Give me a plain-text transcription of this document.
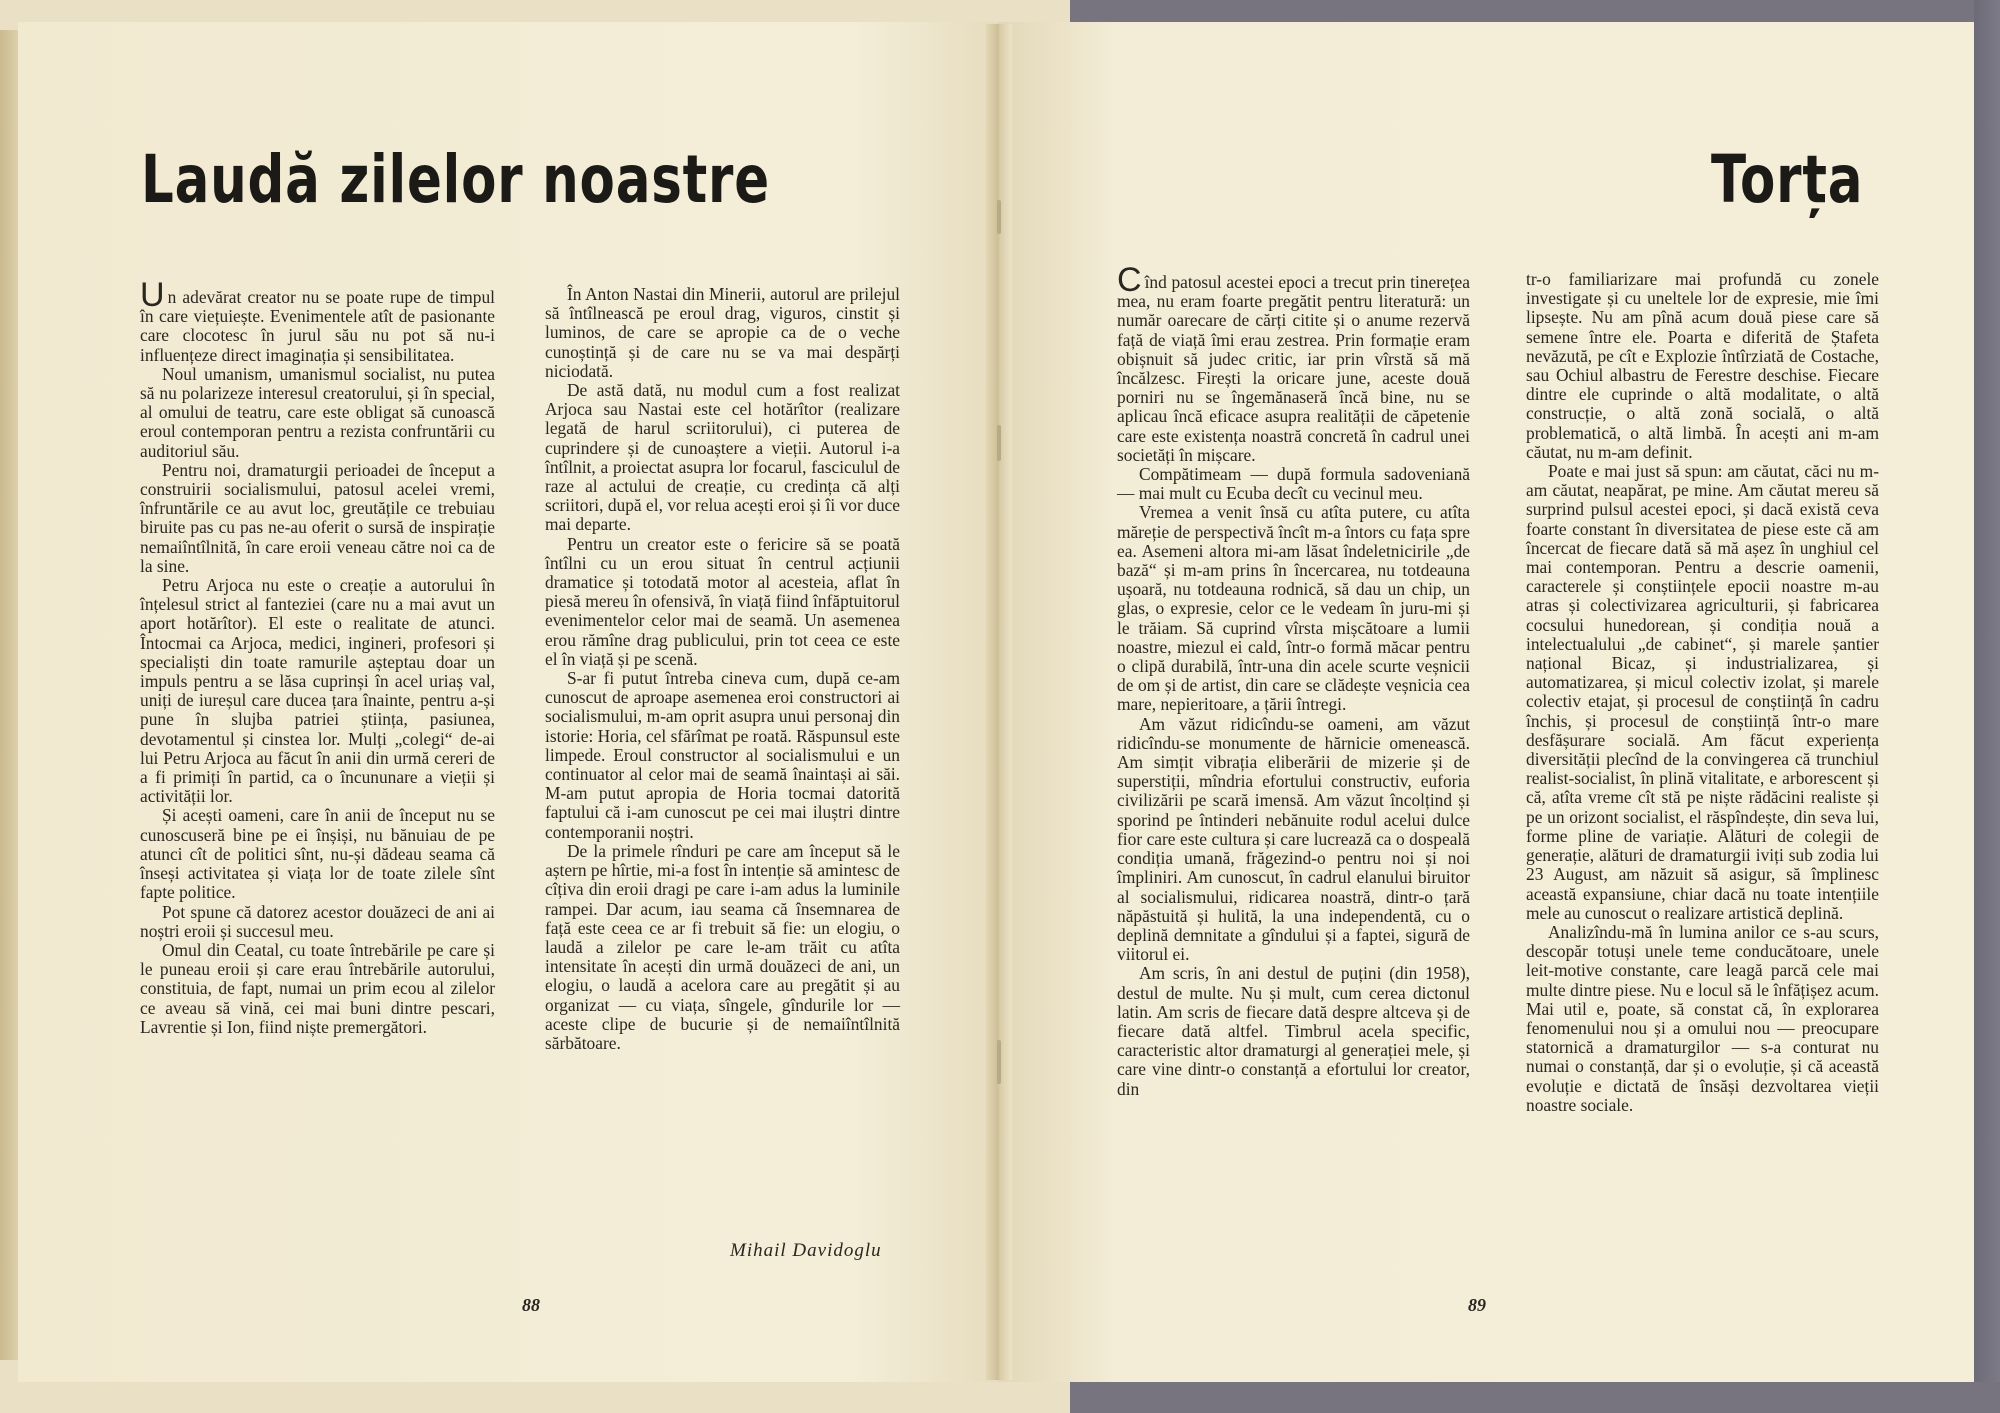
Laudă zilelor noastre

Un adevărat creator nu se poate rupe de timpul în care viețuiește. Evenimentele atît de pasionante care clocotesc în jurul său nu pot să nu-i influențeze direct imaginația și sensibilitatea.

Noul umanism, umanismul socialist, nu putea să nu polarizeze interesul creatorului, și în special, al omului de teatru, care este obligat să cunoască eroul contemporan pentru a rezista confruntării cu auditoriul său.

Pentru noi, dramaturgii perioadei de început a construirii socialismului, patosul acelei vremi, înfruntările ce au avut loc, greutățile ce trebuiau biruite pas cu pas ne-au oferit o sursă de inspirație nemaiîntîlnită, în care eroii veneau către noi ca de la sine.

Petru Arjoca nu este o creație a autorului în înțelesul strict al fanteziei (care nu a mai avut un aport hotărîtor). El este o realitate de atunci. Întocmai ca Arjoca, medici, ingineri, profesori și specialiști din toate ramurile așteptau doar un impuls pentru a se lăsa cuprinși în acel uriaș val, uniți de iureșul care ducea țara înainte, pentru a-și pune în slujba patriei știința, pasiunea, devotamentul și cinstea lor. Mulți „colegi“ de-ai lui Petru Arjoca au făcut în anii din urmă cereri de a fi primiți în partid, ca o încununare a vieții și activității lor.

Și acești oameni, care în anii de început nu se cunoscuseră bine pe ei înșiși, nu bănuiau de pe atunci cît de politici sînt, nu-și dădeau seama că înseși activitatea și viața lor de toate zilele sînt fapte politice.

Pot spune că datorez acestor douăzeci de ani ai noștri eroii și succesul meu.

Omul din Ceatal, cu toate întrebările pe care și le puneau eroii și care erau întrebările autorului, constituia, de fapt, numai un prim ecou al zilelor ce aveau să vină, cei mai buni dintre pescari, Lavrentie și Ion, fiind niște premergători.

În Anton Nastai din Minerii, autorul are prilejul să întîlnească pe eroul drag, viguros, cinstit și luminos, de care se apropie ca de o veche cunoștință și de care nu se va mai despărți niciodată.

De astă dată, nu modul cum a fost realizat Arjoca sau Nastai este cel hotărîtor (realizare legată de harul scriitorului), ci puterea de cuprindere și de cunoaștere a vieții. Autorul i-a întîlnit, a proiectat asupra lor focarul, fasciculul de raze al actului de creație, cu credința că alți scriitori, după el, vor relua acești eroi și îi vor duce mai departe.

Pentru un creator este o fericire să se poată întîlni cu un erou situat în centrul acțiunii dramatice și totodată motor al acesteia, aflat în piesă mereu în ofensivă, în viață fiind înfăptuitorul evenimentelor celor mai de seamă. Un asemenea erou rămîne drag publicului, prin tot ceea ce este el în viață și pe scenă.

S-ar fi putut întreba cineva cum, după ce-am cunoscut de aproape asemenea eroi constructori ai socialismului, m-am oprit asupra unui personaj din istorie: Horia, cel sfărîmat pe roată. Răspunsul este limpede. Eroul constructor al socialismului e un continuator al celor mai de seamă înaintași ai săi. M-am putut apropia de Horia tocmai datorită faptului că i-am cunoscut pe cei mai iluștri dintre contemporanii noștri.

De la primele rînduri pe care am început să le aștern pe hîrtie, mi-a fost în intenție să amintesc de cîțiva din eroii dragi pe care i-am adus la luminile rampei. Dar acum, iau seama că însemnarea de față este ceea ce ar fi trebuit să fie: un elogiu, o laudă a zilelor pe care le-am trăit cu atîta intensitate în acești din urmă douăzeci de ani, un elogiu, o laudă a acelora care au pregătit și au organizat — cu viața, sîngele, gîndurile lor — aceste clipe de bucurie și de nemaiîntîlnită sărbătoare.

Mihail Davidoglu
88
Torța

Cînd patosul acestei epoci a trecut prin tinerețea mea, nu eram foarte pregătit pentru literatură: un număr oarecare de cărți citite și o anume rezervă față de viață îmi erau zestrea. Prin formație eram obișnuit să judec critic, iar prin vîrstă să mă încălzesc. Firești la oricare june, aceste două porniri nu se îngemănaseră încă bine, nu se aplicau încă eficace asupra realității de căpetenie care este existența noastră concretă în cadrul unei societăți în mișcare.

Compătimeam — după formula sadoveniană — mai mult cu Ecuba decît cu vecinul meu.

Vremea a venit însă cu atîta putere, cu atîta măreție de perspectivă încît m-a întors cu fața spre ea. Asemeni altora mi-am lăsat îndeletnicirile „de bază“ și m-am prins în încercarea, nu totdeauna ușoară, nu totdeauna rodnică, să dau un chip, un glas, o expresie, celor ce le vedeam în juru-mi și le trăiam. Să cuprind vîrsta mișcătoare a lumii noastre, miezul ei cald, într-o formă măcar pentru o clipă durabilă, într-una din acele scurte veșnicii de om și de artist, din care se clădește veșnicia cea mare, nepieritoare, a țării întregi.

Am văzut ridicîndu-se oameni, am văzut ridicîndu-se monumente de hărnicie omenească. Am simțit vibrația eliberării de mizerie și de superstiții, mîndria efortului constructiv, euforia civilizării pe scară imensă. Am văzut încolțind și sporind pe întinderi nebănuite rodul acelui dulce fior care este cultura și care lucrează ca o dospeală condiția umană, frăgezind-o pentru noi și noi împliniri. Am cunoscut, în cadrul elanului biruitor al socialismului, ridicarea noastră, dintr-o țară năpăstuită și hulită, la una independentă, cu o deplină demnitate a gîndului și a faptei, sigură de viitorul ei.

Am scris, în ani destul de puțini (din 1958), destul de multe. Nu și mult, cum cerea dictonul latin. Am scris de fiecare dată despre altceva și de fiecare dată altfel. Timbrul acela specific, caracteristic altor dramaturgi al generației mele, și care vine dintr-o constanță a efortului lor creator, din

tr-o familiarizare mai profundă cu zonele investigate și cu uneltele lor de expresie, mie îmi lipsește. Nu am pînă acum două piese care să semene între ele. Poarta e diferită de Ștafeta nevăzută, pe cît e Explozie întîrziată de Costache, sau Ochiul albastru de Ferestre deschise. Fiecare dintre ele cuprinde o altă modalitate, o altă construcție, o altă zonă socială, o altă problematică, o altă limbă. În acești ani m-am căutat, nu m-am definit.

Poate e mai just să spun: am căutat, căci nu m-am căutat, neapărat, pe mine. Am căutat mereu să surprind pulsul acestei epoci, și dacă există ceva foarte constant în diversitatea de piese este că am încercat de fiecare dată să mă așez în unghiul cel mai contemporan. Pentru a descrie oamenii, caracterele și conștiințele epocii noastre m-au atras și colectivizarea agriculturii, și fabricarea cocsului hunedorean, și condiția nouă a intelectualului „de cabinet“, și marele șantier național Bicaz, și industrializarea, și automatizarea, și micul colectiv izolat, și marele colectiv etajat, și procesul de conștiință în cadru închis, și procesul de conștiință într-o mare desfășurare socială. Am făcut experiența diversității plecînd de la convingerea că trunchiul realist-socialist, în plină vitalitate, e arborescent și că, atîta vreme cît stă pe niște rădăcini realiste și pe un orizont socialist, el răspîndește, din seva lui, forme pline de variație. Alături de colegii de generație, alături de dramaturgii iviți sub zodia lui 23 August, am năzuit să asigur, să împlinesc această expansiune, chiar dacă nu toate intențiile mele au cunoscut o realizare artistică deplină.

Analizîndu-mă în lumina anilor ce s-au scurs, descopăr totuși unele teme conducătoare, unele leit-motive constante, care leagă parcă cele mai multe dintre piese. Nu e locul să le înfățișez acum. Mai util e, poate, să constat că, în explorarea fenomenului nou și a omului nou — preocupare statornică a dramaturgilor — s-a conturat nu numai o constanță, dar și o evoluție, și că această evoluție e dictată de însăși dezvoltarea vieții noastre sociale.

89
